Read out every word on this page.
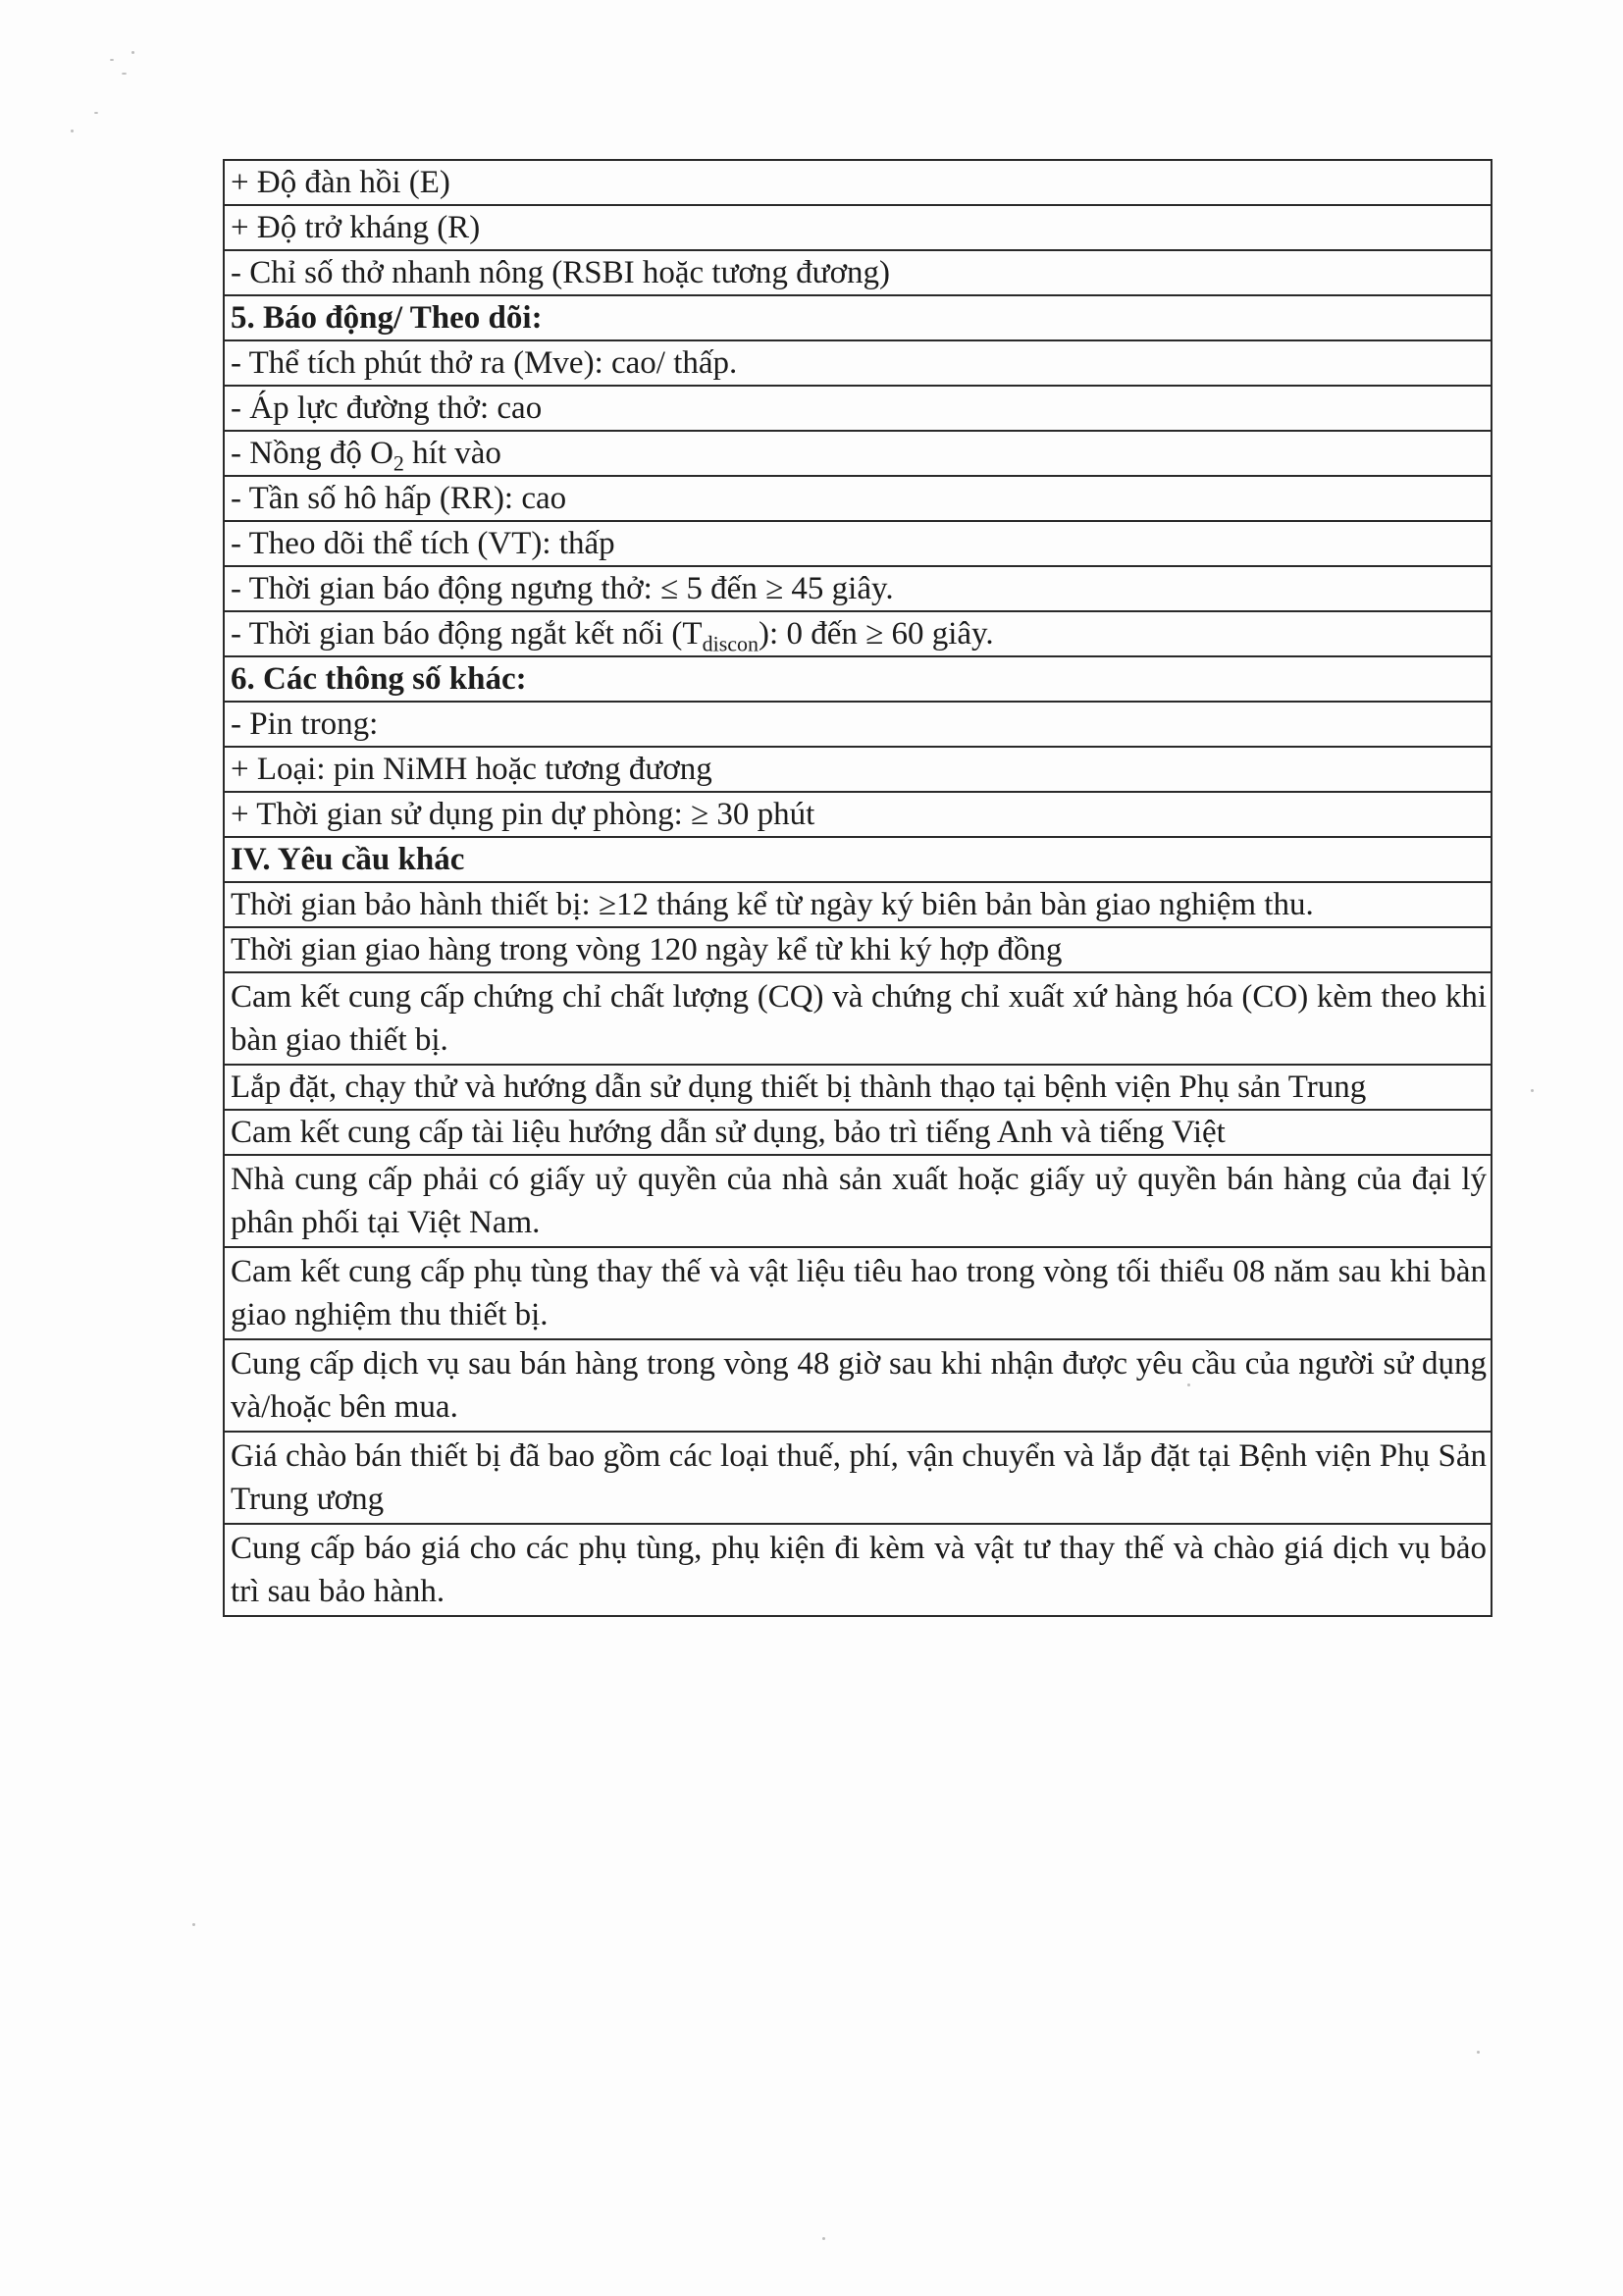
+ Độ đàn hồi (E)
+ Độ trở kháng (R)
- Chỉ số thở nhanh nông (RSBI hoặc tương đương)
5. Báo động/ Theo dõi:
- Thể tích phút thở ra (Mve): cao/ thấp.
- Áp lực đường thở: cao
- Nồng độ $O_2$ hít vào
- Tần số hô hấp (RR): cao
- Theo dõi thể tích (VT): thấp
- Thời gian báo động ngưng thở: ≤ 5 đến ≥ 45 giây.
- Thời gian báo động ngắt kết nối $(T_{discon})$: 0 đến ≥ 60 giây.
6. Các thông số khác:
- Pin trong:
+ Loại: pin NiMH hoặc tương đương
+ Thời gian sử dụng pin dự phòng: ≥ 30 phút
IV. Yêu cầu khác
Thời gian bảo hành thiết bị: ≥12 tháng kể từ ngày ký biên bản bàn giao nghiệm thu.
Thời gian giao hàng trong vòng 120 ngày kể từ khi ký hợp đồng
Cam kết cung cấp chứng chỉ chất lượng (CQ) và chứng chỉ xuất xứ hàng hóa (CO) kèm theo khi bàn giao thiết bị.
Lắp đặt, chạy thử và hướng dẫn sử dụng thiết bị thành thạo tại bệnh viện Phụ sản Trung
Cam kết cung cấp tài liệu hướng dẫn sử dụng, bảo trì tiếng Anh và tiếng Việt
Nhà cung cấp phải có giấy uỷ quyền của nhà sản xuất hoặc giấy uỷ quyền bán hàng của đại lý phân phối tại Việt Nam.
Cam kết cung cấp phụ tùng thay thế và vật liệu tiêu hao trong vòng tối thiểu 08 năm sau khi bàn giao nghiệm thu thiết bị.
Cung cấp dịch vụ sau bán hàng trong vòng 48 giờ sau khi nhận được yêu cầu của người sử dụng và/hoặc bên mua.
Giá chào bán thiết bị đã bao gồm các loại thuế, phí, vận chuyển và lắp đặt tại Bệnh viện Phụ Sản Trung ương
Cung cấp báo giá cho các phụ tùng, phụ kiện đi kèm và vật tư thay thế và chào giá dịch vụ bảo trì sau bảo hành.
